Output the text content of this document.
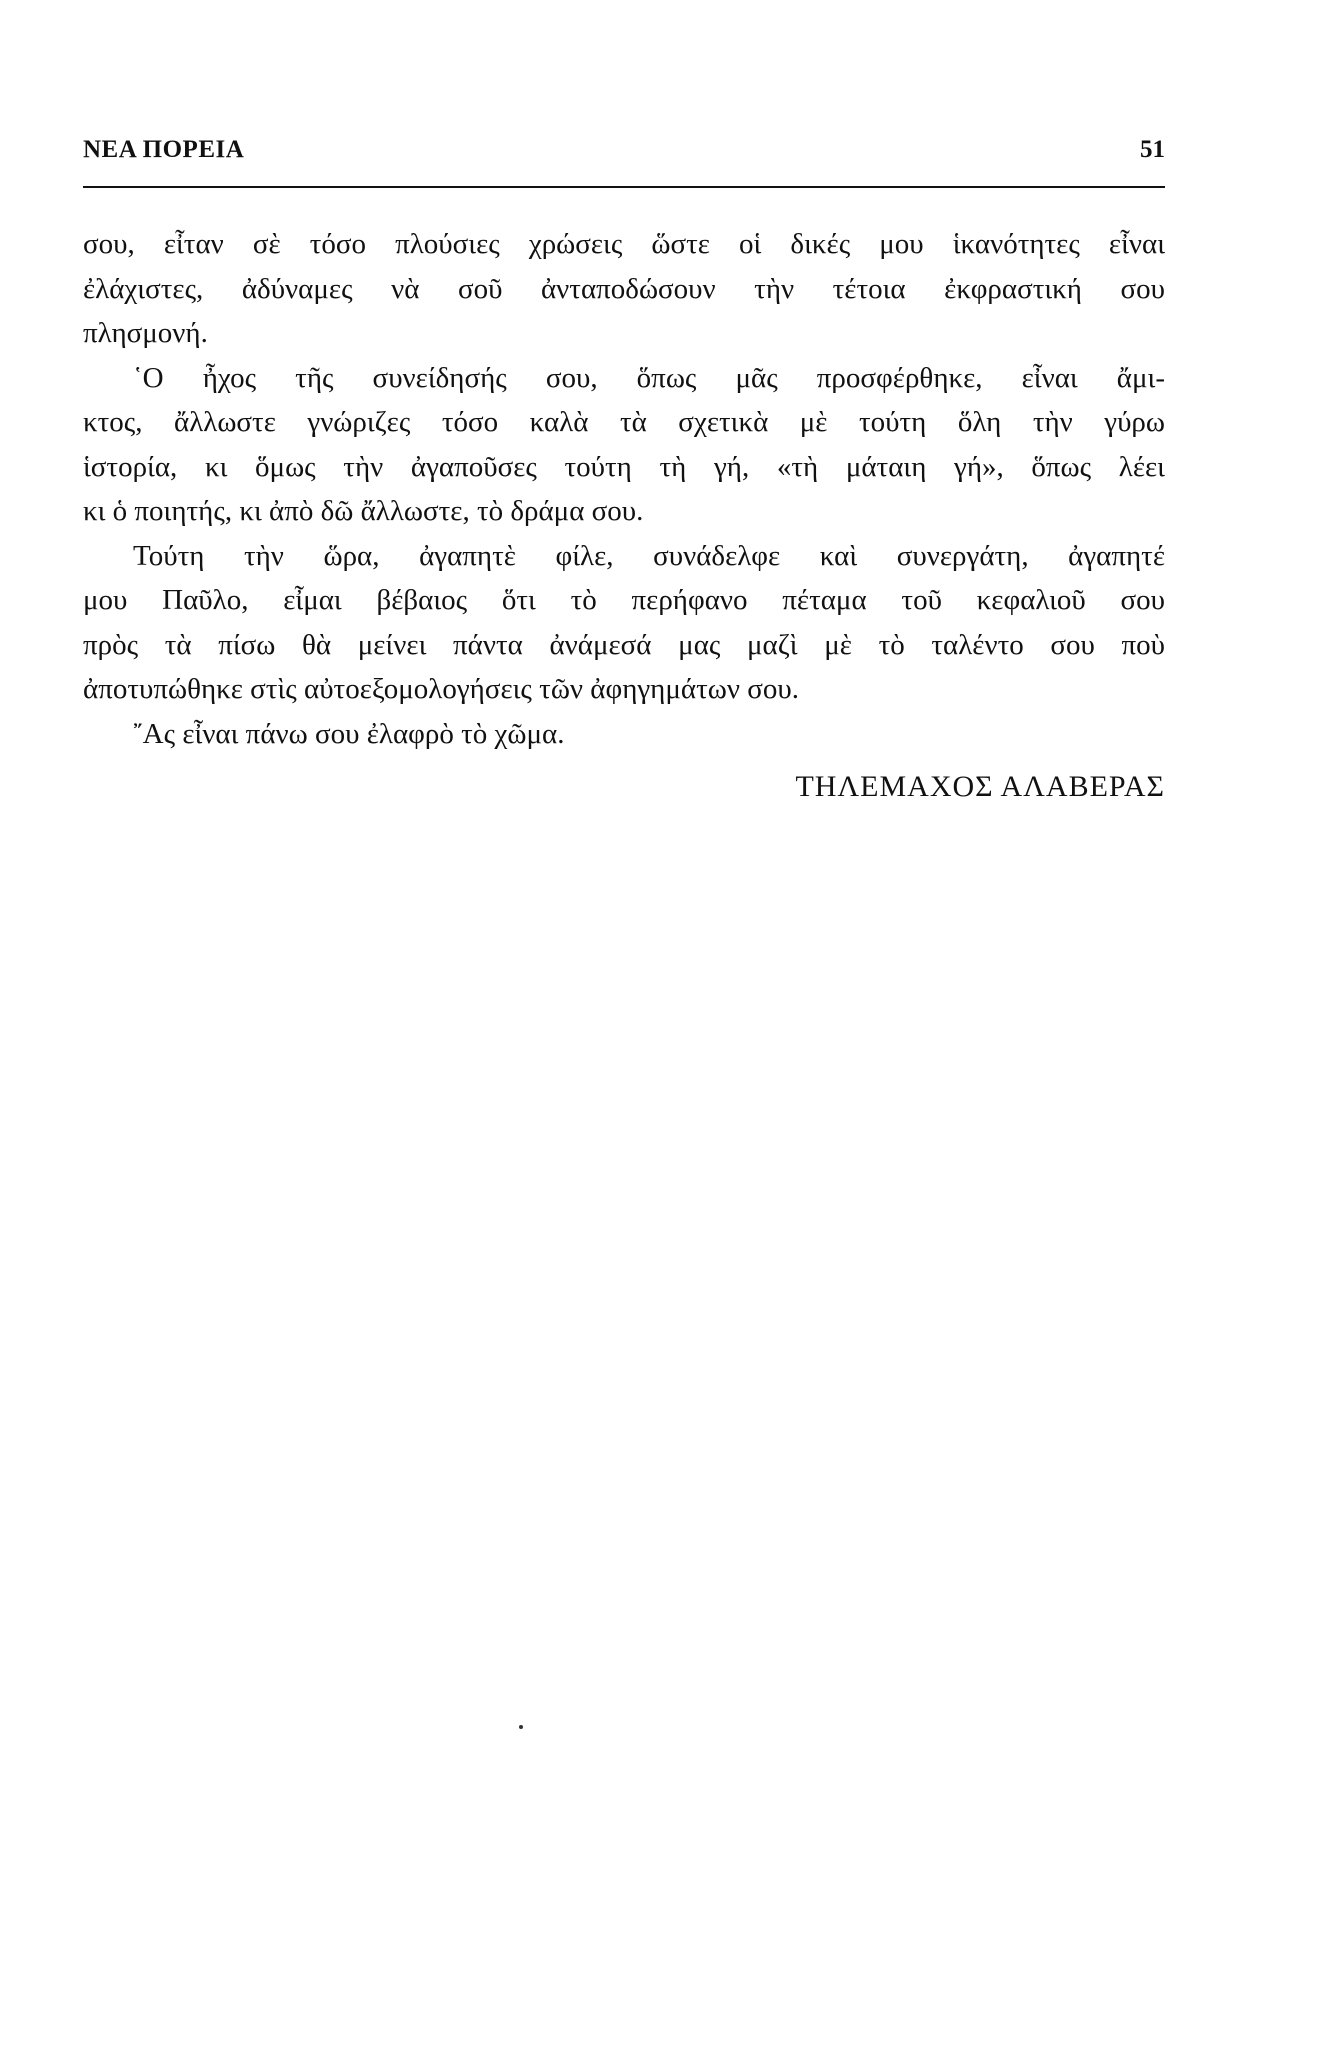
ΝΕΑ ΠΟΡΕΙΑ	51
σου, εἶταν σὲ τόσο πλούσιες χρώσεις ὥστε οἱ δικές μου ἱκανότητες εἶναι
ἐλάχιστες, ἀδύναμες νὰ σοῦ ἀνταποδώσουν τὴν τέτοια ἐκφραστική σου
πλησμονή.
῾Ο ἦχος τῆς συνείδησής σου, ὅπως μᾶς προσφέρθηκε, εἶναι ἄμι-
κτος, ἄλλωστε γνώριζες τόσο καλὰ τὰ σχετικὰ μὲ τούτη ὅλη τὴν γύρω
ἱστορία, κι ὅμως τὴν ἀγαποῦσες τούτη τὴ γή, «τὴ μάταιη γή», ὅπως λέει
κι ὁ ποιητής, κι ἀπὸ δῶ ἄλλωστε, τὸ δράμα σου.
Τούτη τὴν ὥρα, ἀγαπητὲ φίλε, συνάδελφε καὶ συνεργάτη, ἀγαπητέ
μου Παῦλο, εἶμαι βέβαιος ὅτι τὸ περήφανο πέταμα τοῦ κεφαλιοῦ σου
πρὸς τὰ πίσω θὰ μείνει πάντα ἀνάμεσά μας μαζὶ μὲ τὸ ταλέντο σου ποὺ
ἀποτυπώθηκε στὶς αὐτοεξομολογήσεις τῶν ἀφηγημάτων σου.
῎Ας εἶναι πάνω σου ἐλαφρὸ τὸ χῶμα.
ΤΗΛΕΜΑΧΟΣ ΑΛΑΒΕΡΑΣ
